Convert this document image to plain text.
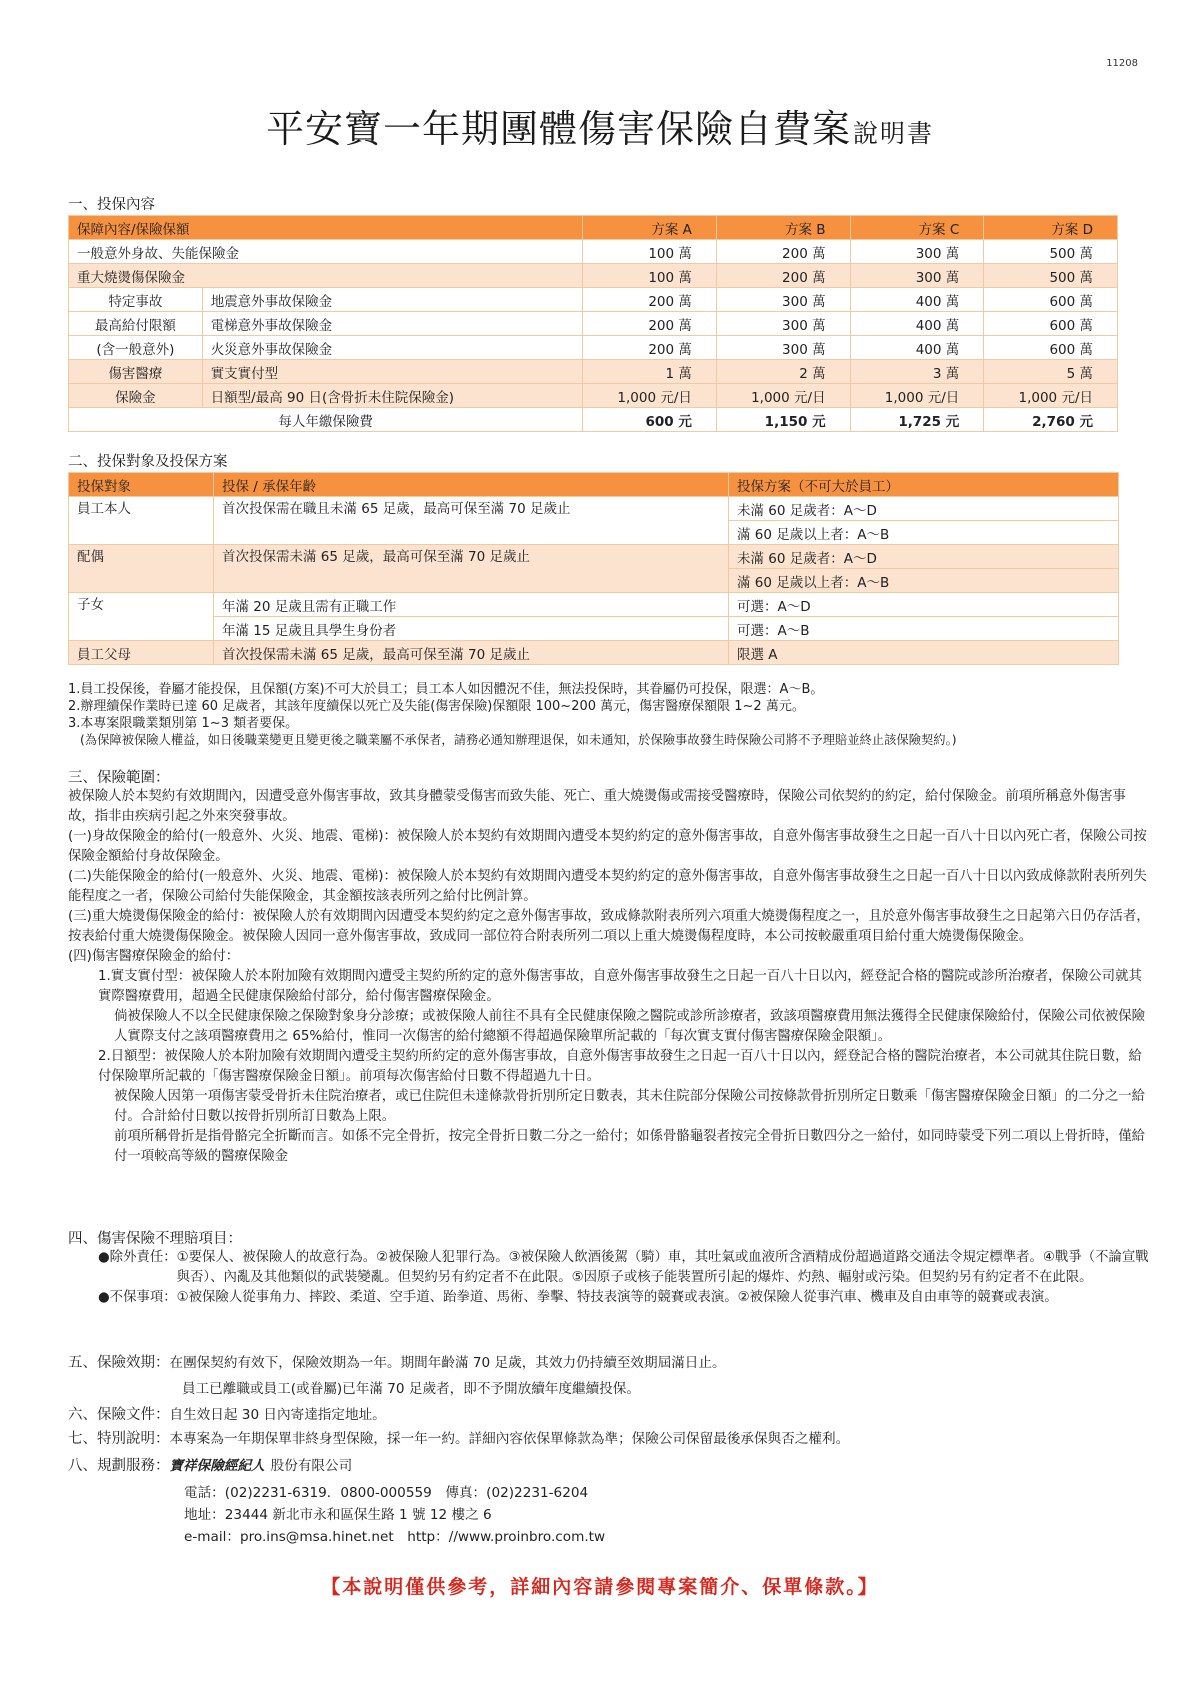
11208
平安寶一年期團體傷害保險自費案說明書
一、投保內容
保障內容/保險保額		方案 A	方案 B	方案 C	方案 D
一般意外身故、失能保險金		100 萬	200 萬	300 萬	500 萬
重大燒燙傷保險金		100 萬	200 萬	300 萬	500 萬
特定事故	地震意外事故保險金	200 萬	300 萬	400 萬	600 萬
最高給付限額	電梯意外事故保險金	200 萬	300 萬	400 萬	600 萬
(含一般意外)	火災意外事故保險金	200 萬	300 萬	400 萬	600 萬
傷害醫療	實支實付型	1 萬	2 萬	3 萬	5 萬
保險金	日額型/最高 90 日(含骨折未住院保險金)	1,000 元/日	1,000 元/日	1,000 元/日	1,000 元/日
每人年繳保險費		600 元	1,150 元	1,725 元	2,760 元
二、投保對象及投保方案
投保對象	投保 / 承保年齡	投保方案（不可大於員工）
員工本人	首次投保需在職且未滿 65 足歲，最高可保至滿 70 足歲止	未滿 60 足歲者：A～D
		滿 60 足歲以上者：A～B
配偶	首次投保需未滿 65 足歲，最高可保至滿 70 足歲止	未滿 60 足歲者：A～D
		滿 60 足歲以上者：A～B
子女	年滿 20 足歲且需有正職工作	可選：A～D
	年滿 15 足歲且具學生身份者	可選：A～B
員工父母	首次投保需未滿 65 足歲，最高可保至滿 70 足歲止	限選 A
1.員工投保後，眷屬才能投保，且保額(方案)不可大於員工；員工本人如因體況不佳，無法投保時，其眷屬仍可投保，限選：A～B。
2.辦理續保作業時已達 60 足歲者，其該年度續保以死亡及失能(傷害保險)保額限 100~200 萬元，傷害醫療保額限 1~2 萬元。
3.本專案限職業類別第 1~3 類者要保。
(為保障被保險人權益，如日後職業變更且變更後之職業屬不承保者，請務必通知辦理退保，如未通知，於保險事故發生時保險公司將不予理賠並終止該保險契約。)
三、保險範圍：

被保險人於本契約有效期間內，因遭受意外傷害事故，致其身體蒙受傷害而致失能、死亡、重大燒燙傷或需接受醫療時，保險公司依契約的約定，給付保險金。前項所稱意外傷害事故，指非由疾病引起之外來突發事故。

(一)身故保險金的給付(一般意外、火災、地震、電梯)：被保險人於本契約有效期間內遭受本契約約定的意外傷害事故，自意外傷害事故發生之日起一百八十日以內死亡者，保險公司按保險金額給付身故保險金。

(二)失能保險金的給付(一般意外、火災、地震、電梯)：被保險人於本契約有效期間內遭受本契約約定的意外傷害事故，自意外傷害事故發生之日起一百八十日以內致成條款附表所列失能程度之一者，保險公司給付失能保險金，其金額按該表所列之給付比例計算。

(三)重大燒燙傷保險金的給付：被保險人於有效期間內因遭受本契約約定之意外傷害事故，致成條款附表所列六項重大燒燙傷程度之一，且於意外傷害事故發生之日起第六日仍存活者，按表給付重大燒燙傷保險金。被保險人因同一意外傷害事故，致成同一部位符合附表所列二項以上重大燒燙傷程度時，本公司按較嚴重項目給付重大燒燙傷保險金。

(四)傷害醫療保險金的給付：

1.實支實付型：被保險人於本附加險有效期間內遭受主契約所約定的意外傷害事故，自意外傷害事故發生之日起一百八十日以內，經登記合格的醫院或診所治療者，保險公司就其實際醫療費用，超過全民健康保險給付部分，給付傷害醫療保險金。

倘被保險人不以全民健康保險之保險對象身分診療；或被保險人前往不具有全民健康保險之醫院或診所診療者，致該項醫療費用無法獲得全民健康保險給付，保險公司依被保險人實際支付之該項醫療費用之 65%給付，惟同一次傷害的給付總額不得超過保險單所記載的「每次實支實付傷害醫療保險金限額」。

2.日額型：被保險人於本附加險有效期間內遭受主契約所約定的意外傷害事故，自意外傷害事故發生之日起一百八十日以內，經登記合格的醫院治療者，本公司就其住院日數，給付保險單所記載的「傷害醫療保險金日額」。前項每次傷害給付日數不得超過九十日。

被保險人因第一項傷害蒙受骨折未住院治療者，或已住院但未達條款骨折別所定日數表，其未住院部分保險公司按條款骨折別所定日數乘「傷害醫療保險金日額」的二分之一給付。合計給付日數以按骨折別所訂日數為上限。

前項所稱骨折是指骨骼完全折斷而言。如係不完全骨折，按完全骨折日數二分之一給付；如係骨骼龜裂者按完全骨折日數四分之一給付，如同時蒙受下列二項以上骨折時，僅給付一項較高等級的醫療保險金

四、傷害保險不理賠項目：
●除外責任： ①要保人、被保險人的故意行為。②被保險人犯罪行為。③被保險人飲酒後駕（騎）車，其吐氣或血液所含酒精成份超過道路交通法令規定標準者。④戰爭（不論宣戰與否）、內亂及其他類似的武裝變亂。但契約另有約定者不在此限。⑤因原子或核子能裝置所引起的爆炸、灼熱、輻射或污染。但契約另有約定者不在此限。
●不保事項： ①被保險人從事角力、摔跤、柔道、空手道、跆拳道、馬術、拳擊、特技表演等的競賽或表演。②被保險人從事汽車、機車及自由車等的競賽或表演。
五、保險效期：在團保契約有效下，保險效期為一年。期間年齡滿 70 足歲，其效力仍持續至效期屆滿日止。
員工已離職或員工(或眷屬)已年滿 70 足歲者，即不予開放續年度繼續投保。
六、保險文件：自生效日起 30 日內寄達指定地址。
七、特別說明：本專案為一年期保單非終身型保險，採一年一約。詳細內容依保單條款為準；保險公司保留最後承保與否之權利。
八、規劃服務：寶祥保險經紀人 股份有限公司
電話：(02)2231-6319．0800-000559　傳真：(02)2231-6204
地址：23444 新北市永和區保生路 1 號 12 樓之 6
e-mail：pro.ins@msa.hinet.net　http：//www.proinbro.com.tw
【本說明僅供參考，詳細內容請參閱專案簡介、保單條款。】
